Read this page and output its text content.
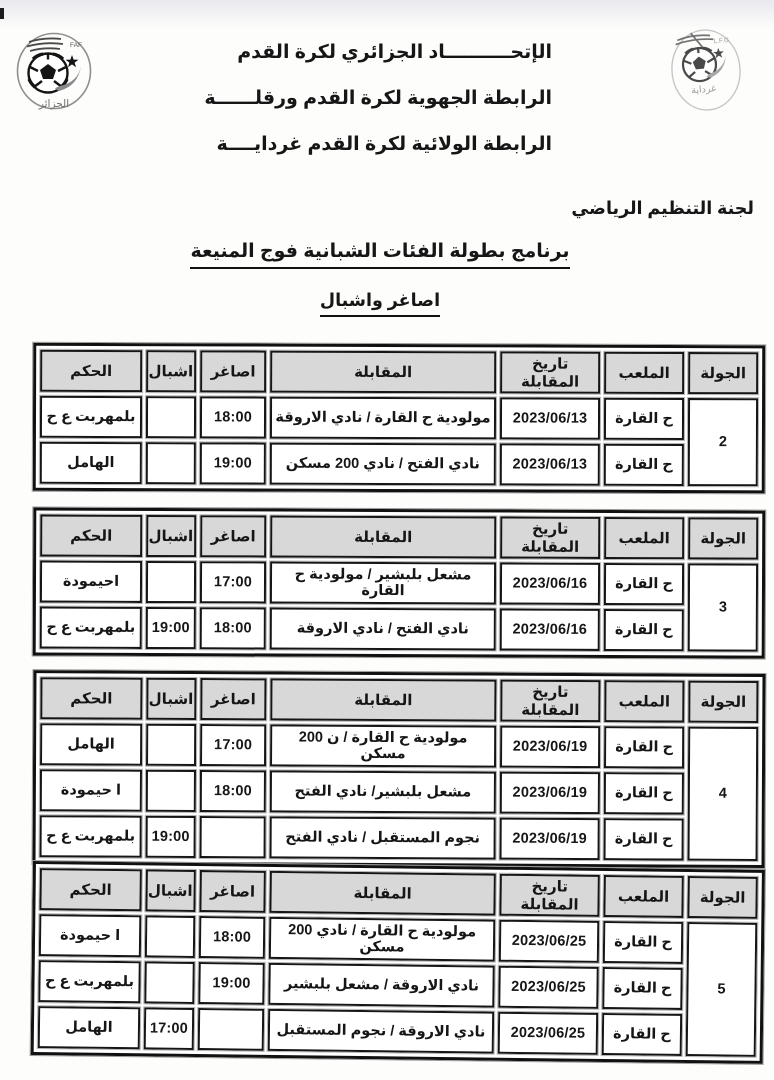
FAF
الجزائر
L.F.G
غرداية
الإتحــــــــــاد الجزائري لكرة القدم
الرابطة الجهوية لكرة القدم ورقلــــــة
الرابطة الولائية لكرة القدم غردايــــة
لجنة التنظيم الرياضي
برنامج بطولة الفئات الشبانية فوج المنيعة
اصاغر واشبال
الجولة	الملعب	تاريخ المقابلة	المقابلة	اصاغر	اشبال	الحكم
2	ح القارة	2023/06/13	مولودية ح القارة / نادي الاروقة	18:00		بلمهربت ع ح
	ح القارة	2023/06/13	نادي الفتح / نادي 200 مسكن	19:00		الهامل
الجولة	الملعب	تاريخ المقابلة	المقابلة	اصاغر	اشبال	الحكم
3	ح القارة	2023/06/16	مشعل بلبشير / مولودية ح القارة	17:00		احيمودة
	ح القارة	2023/06/16	نادي الفتح / نادي الاروقة	18:00	19:00	بلمهربت ع ح
الجولة	الملعب	تاريخ المقابلة	المقابلة	اصاغر	اشبال	الحكم
4	ح القارة	2023/06/19	مولودية ح القارة / ن 200 مسكن	17:00		الهامل
	ح القارة	2023/06/19	مشعل بلبشير/ نادي الفتح	18:00		ا حيمودة
	ح القارة	2023/06/19	نجوم المستقبل / نادي الفتح		19:00	بلمهربت ع ح
الجولة	الملعب	تاريخ المقابلة	المقابلة	اصاغر	اشبال	الحكم
5	ح القارة	2023/06/25	مولودية ح القارة / نادي 200 مسكن	18:00		ا حيمودة
	ح القارة	2023/06/25	نادي الاروقة / مشعل بلبشير	19:00		بلمهربت ع ح
	ح القارة	2023/06/25	نادي الاروقة / نجوم المستقبل		17:00	الهامل
